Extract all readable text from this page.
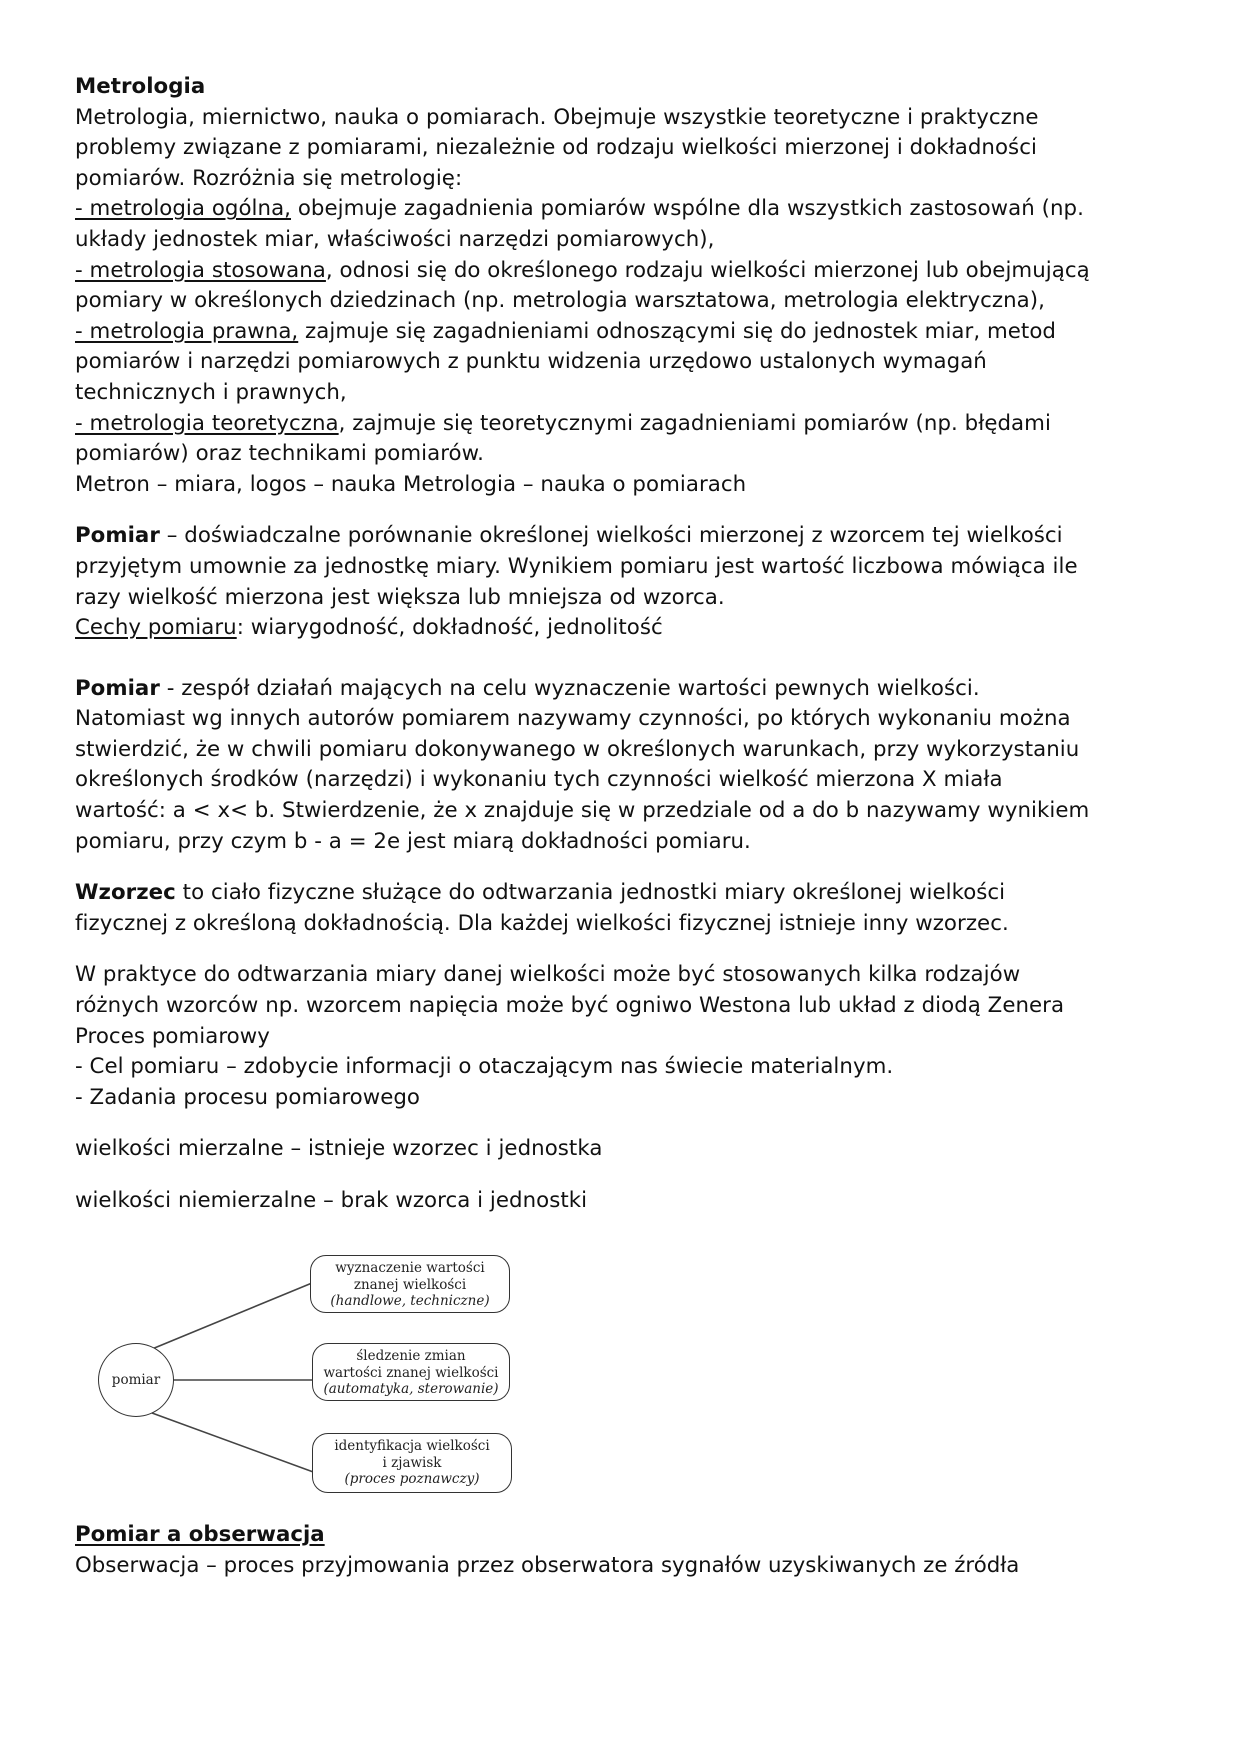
Metrologia
Metrologia, miernictwo, nauka o pomiarach. Obejmuje wszystkie teoretyczne i praktyczne
problemy związane z pomiarami, niezależnie od rodzaju wielkości mierzonej i dokładności
pomiarów. Rozróżnia się metrologię:
- metrologia ogólna, obejmuje zagadnienia pomiarów wspólne dla wszystkich zastosowań (np.
układy jednostek miar, właściwości narzędzi pomiarowych),
- metrologia stosowana, odnosi się do określonego rodzaju wielkości mierzonej lub obejmującą
pomiary w określonych dziedzinach (np. metrologia warsztatowa, metrologia elektryczna),
- metrologia prawna, zajmuje się zagadnieniami odnoszącymi się do jednostek miar, metod
pomiarów i narzędzi pomiarowych z punktu widzenia urzędowo ustalonych wymagań
technicznych i prawnych,
- metrologia teoretyczna, zajmuje się teoretycznymi zagadnieniami pomiarów (np. błędami
pomiarów) oraz technikami pomiarów.
Metron – miara, logos – nauka Metrologia – nauka o pomiarach
Pomiar – doświadczalne porównanie określonej wielkości mierzonej z wzorcem tej wielkości
przyjętym umownie za jednostkę miary. Wynikiem pomiaru jest wartość liczbowa mówiąca ile
razy wielkość mierzona jest większa lub mniejsza od wzorca.
Cechy pomiaru: wiarygodność, dokładność, jednolitość
Pomiar - zespół działań mających na celu wyznaczenie wartości pewnych wielkości.
Natomiast wg innych autorów pomiarem nazywamy czynności, po których wykonaniu można
stwierdzić, że w chwili pomiaru dokonywanego w określonych warunkach, przy wykorzystaniu
określonych środków (narzędzi) i wykonaniu tych czynności wielkość mierzona X miała
wartość: a < x< b. Stwierdzenie, że x znajduje się w przedziale od a do b nazywamy wynikiem
pomiaru, przy czym b - a = 2e jest miarą dokładności pomiaru.
Wzorzec to ciało fizyczne służące do odtwarzania jednostki miary określonej wielkości
fizycznej z określoną dokładnością. Dla każdej wielkości fizycznej istnieje inny wzorzec.
W praktyce do odtwarzania miary danej wielkości może być stosowanych kilka rodzajów
różnych wzorców np. wzorcem napięcia może być ogniwo Westona lub układ z diodą Zenera
Proces pomiarowy
- Cel pomiaru – zdobycie informacji o otaczającym nas świecie materialnym.
- Zadania procesu pomiarowego
wielkości mierzalne – istnieje wzorzec i jednostka
wielkości niemierzalne – brak wzorca i jednostki
pomiar
wyznaczenie wartości
znanej wielkości
(handlowe, techniczne)
śledzenie zmian
wartości znanej wielkości
(automatyka, sterowanie)
identyfikacja wielkości
i zjawisk
(proces poznawczy)
Pomiar a obserwacja
Obserwacja – proces przyjmowania przez obserwatora sygnałów uzyskiwanych ze źródła
